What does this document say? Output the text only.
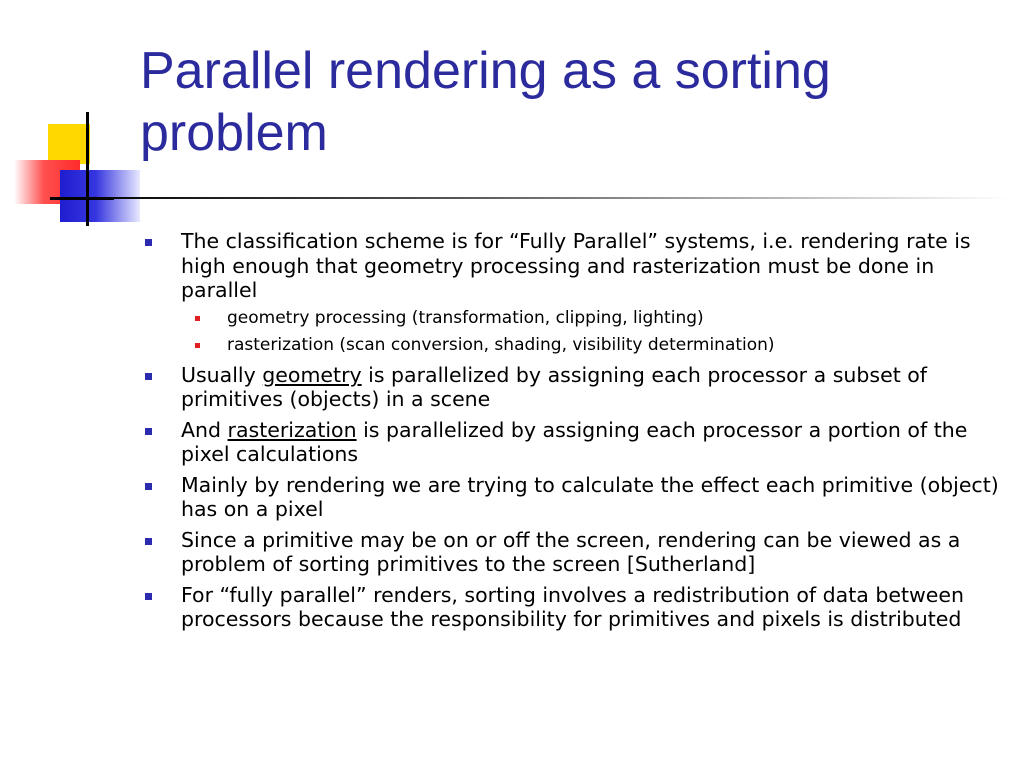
Parallel rendering as a sorting problem
The classification scheme is for “Fully Parallel” systems, i.e. rendering rate is high enough that geometry processing and rasterization must be done in parallel
geometry processing (transformation, clipping, lighting)
rasterization (scan conversion, shading, visibility determination)
Usually geometry is parallelized by assigning each processor a subset of primitives (objects) in a scene
And rasterization is parallelized by assigning each processor a portion of the pixel calculations
Mainly by rendering we are trying to calculate the effect each primitive (object) has on a pixel
Since a primitive may be on or off the screen, rendering can be viewed as a problem of sorting primitives to the screen [Sutherland]
For “fully parallel” renders, sorting involves a redistribution of data between processors because the responsibility for primitives and pixels is distributed
